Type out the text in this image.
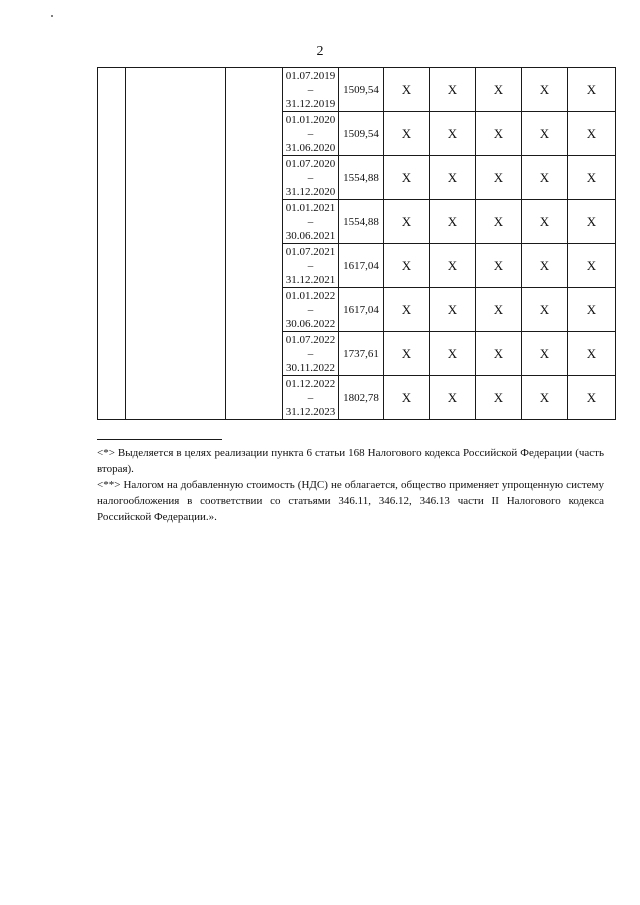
2

			01.07.2019
–
31.12.2019	1509,54	X	X	X	X	X

			01.01.2020
–
31.06.2020	1509,54	X	X	X	X	X

			01.07.2020
–
31.12.2020	1554,88	X	X	X	X	X

			01.01.2021
–
30.06.2021	1554,88	X	X	X	X	X

			01.07.2021
–
31.12.2021	1617,04	X	X	X	X	X

			01.01.2022
–
30.06.2022	1617,04	X	X	X	X	X

			01.07.2022
–
30.11.2022	1737,61	X	X	X	X	X

			01.12.2022
–
31.12.2023	1802,78	X	X	X	X	X

<*> Выделяется в целях реализации пункта 6 статьи 168 Налогового кодекса Российской Федерации (часть вторая).

<**> Налогом на добавленную стоимость (НДС) не облагается, общество применяет упрощенную систему налогообложения в соответствии со статьями 346.11, 346.12, 346.13 части II Налогового кодекса Российской Федерации.».
